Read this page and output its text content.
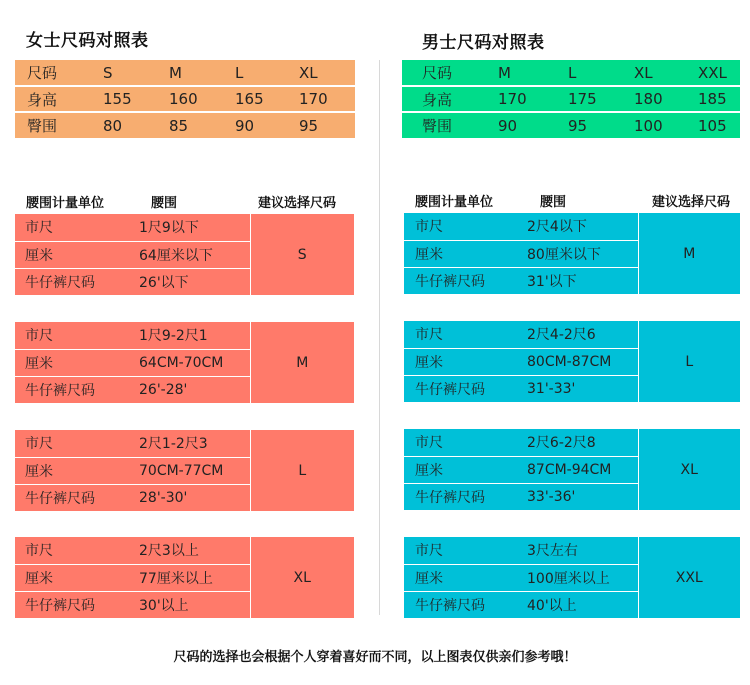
女士尺码对照表	男士尺码对照表
尺码	S	M	L	XL
身高	155	160	165	170
臀围	80	85	90	95
尺码	M	L	XL	XXL
身高	170	175	180	185
臀围	90	95	100	105
腰围计量单位	腰围	建议选择尺码	腰围计量单位	腰围	建议选择尺码
市尺	1尺9以下	S
厘米	64厘米以下	
牛仔裤尺码	26'以下	
市尺	1尺9-2尺1	M
厘米	64CM-70CM	
牛仔裤尺码	26'-28'	
市尺	2尺1-2尺3	L
厘米	70CM-77CM	
牛仔裤尺码	28'-30'	
市尺	2尺3以上	XL
厘米	77厘米以上	
牛仔裤尺码	30'以上	
市尺	2尺4以下	M
厘米	80厘米以下	
牛仔裤尺码	31'以下	
市尺	2尺4-2尺6	L
厘米	80CM-87CM	
牛仔裤尺码	31'-33'	
市尺	2尺6-2尺8	XL
厘米	87CM-94CM	
牛仔裤尺码	33'-36'	
市尺	3尺左右	XXL
厘米	100厘米以上	
牛仔裤尺码	40'以上	
尺码的选择也会根据个人穿着喜好而不同，以上图表仅供亲们参考哦！
